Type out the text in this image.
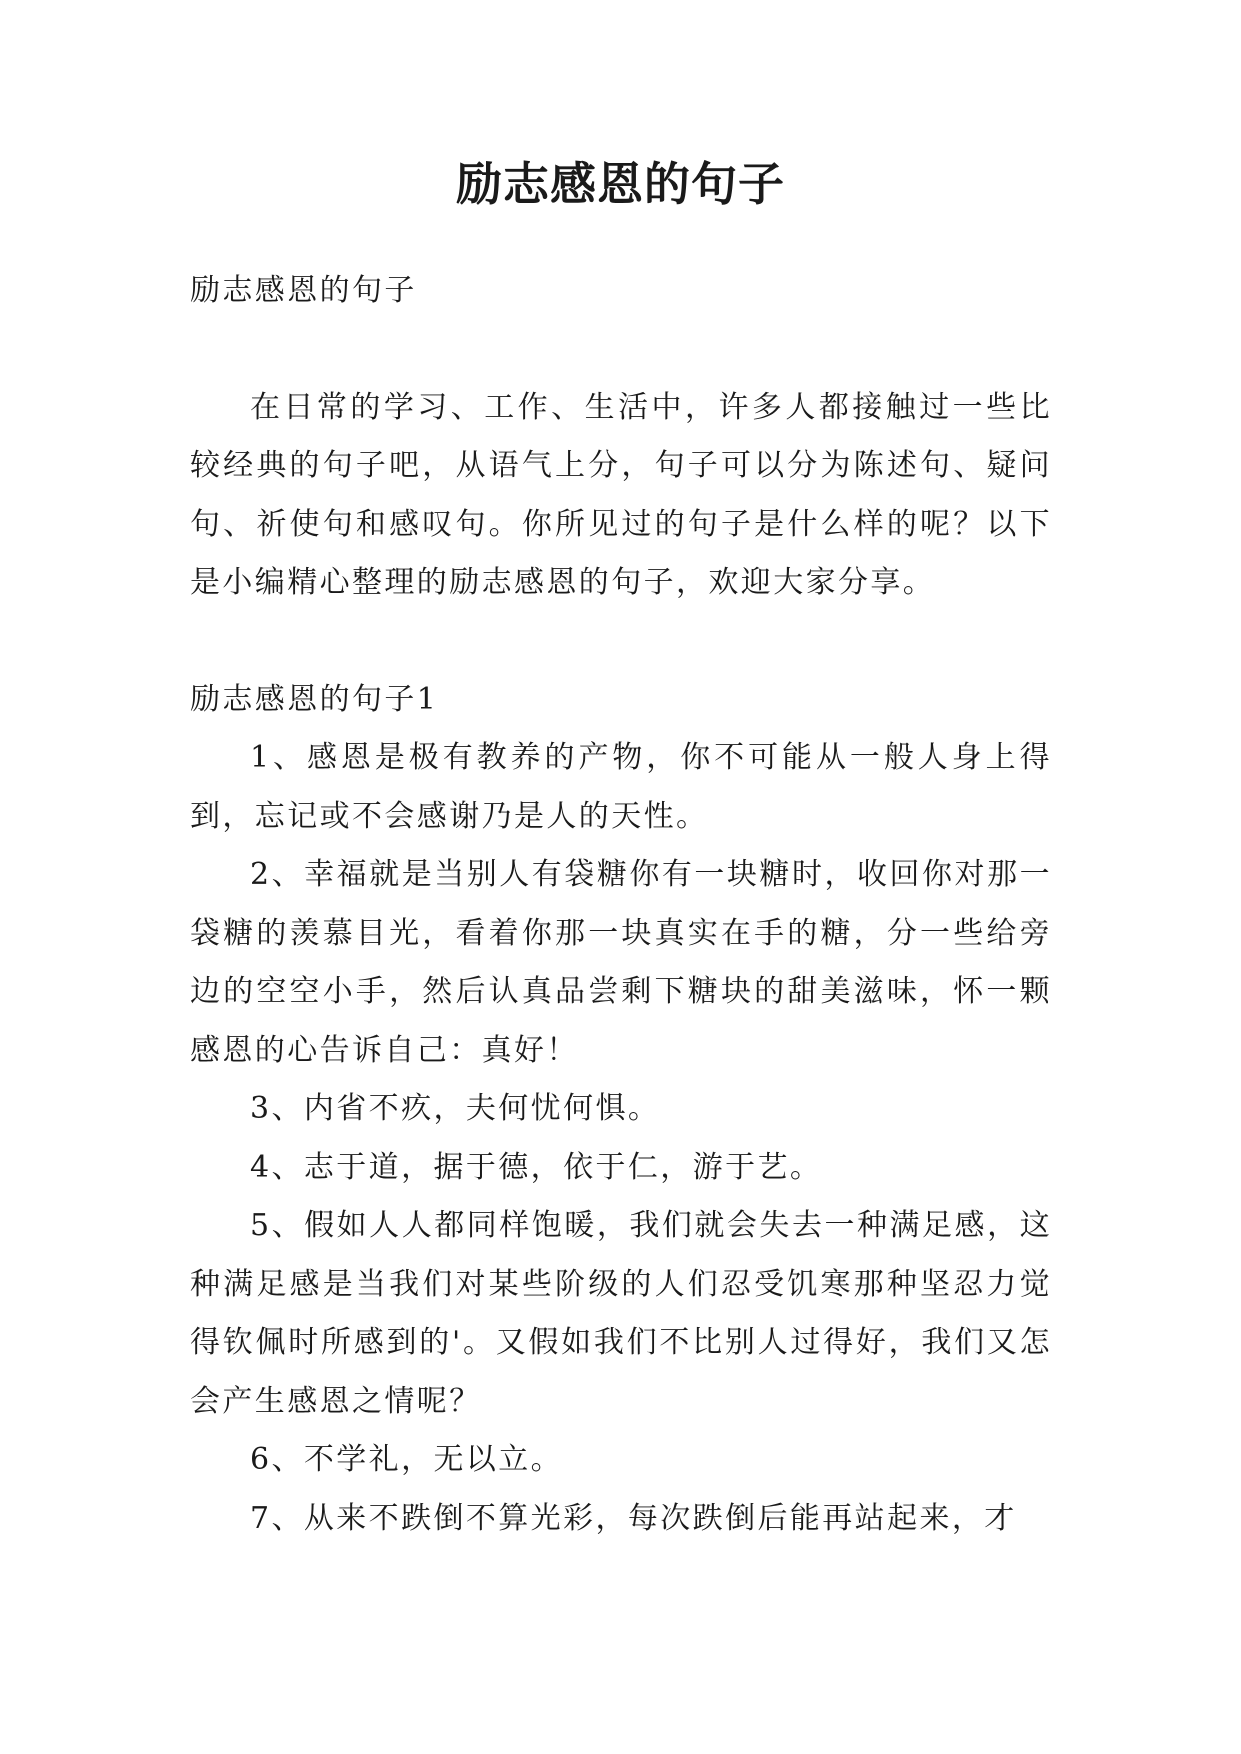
励志感恩的句子

励志感恩的句子

在日常的学习、工作、生活中，许多人都接触过一些比较经典的句子吧，从语气上分，句子可以分为陈述句、疑问句、祈使句和感叹句。你所见过的句子是什么样的呢？以下是小编精心整理的励志感恩的句子，欢迎大家分享。

励志感恩的句子1

1、感恩是极有教养的产物，你不可能从一般人身上得到，忘记或不会感谢乃是人的天性。

2、幸福就是当别人有袋糖你有一块糖时，收回你对那一袋糖的羡慕目光，看着你那一块真实在手的糖，分一些给旁边的空空小手，然后认真品尝剩下糖块的甜美滋味，怀一颗感恩的心告诉自己：真好！

3、内省不疚，夫何忧何惧。

4、志于道，据于德，依于仁，游于艺。

5、假如人人都同样饱暖，我们就会失去一种满足感，这种满足感是当我们对某些阶级的人们忍受饥寒那种坚忍力觉得钦佩时所感到的'。又假如我们不比别人过得好，我们又怎会产生感恩之情呢？

6、不学礼，无以立。

7、从来不跌倒不算光彩，每次跌倒后能再站起来，才
